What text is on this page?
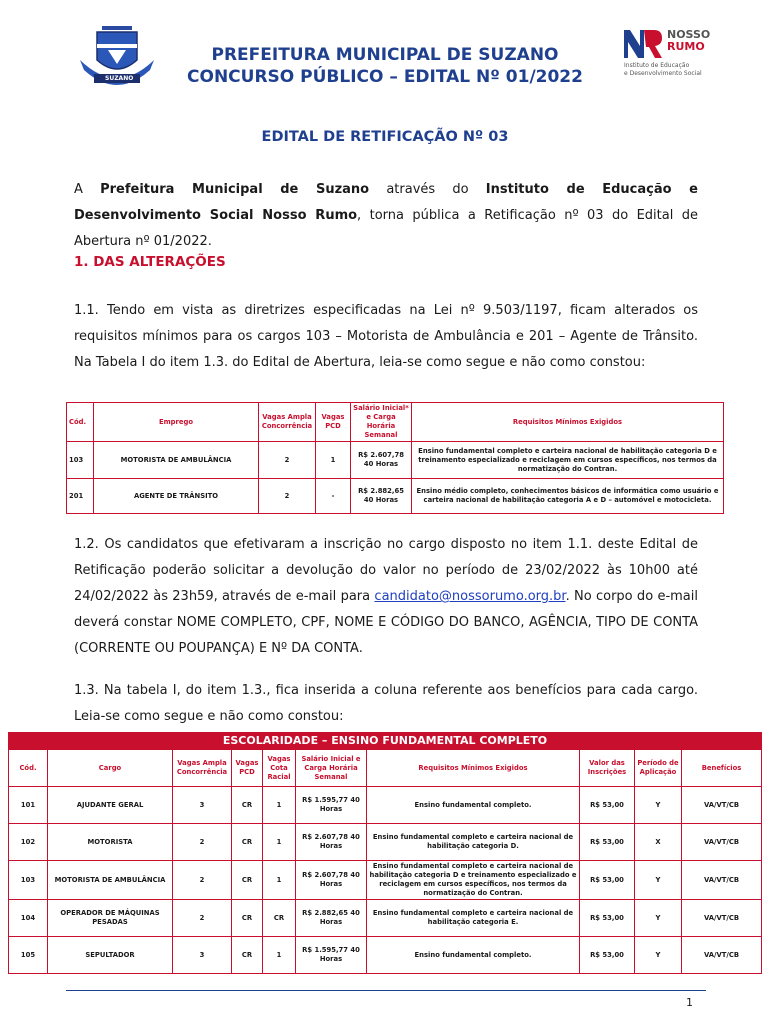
SUZANO
PREFEITURA MUNICIPAL DE SUZANO
CONCURSO PÚBLICO – EDITAL Nº 01/2022
NOSSO
RUMO
Instituto de Educação
e Desenvolvimento Social
EDITAL DE RETIFICAÇÃO Nº 03
A Prefeitura Municipal de Suzano através do Instituto de Educação e Desenvolvimento Social Nosso Rumo, torna pública a Retificação nº 03 do Edital de Abertura nº 01/2022.
1. DAS ALTERAÇÕES
1.1. Tendo em vista as diretrizes especificadas na Lei nº 9.503/1197, ficam alterados os requisitos mínimos para os cargos 103 – Motorista de Ambulância e 201 – Agente de Trânsito. Na Tabela I do item 1.3. do Edital de Abertura, leia-se como segue e não como constou:
Cód.	Emprego	Vagas Ampla Concorrência	Vagas PCD	Salário Inicial* e Carga Horária Semanal	Requisitos Mínimos Exigidos
103	MOTORISTA DE AMBULÂNCIA	2	1	R$ 2.607,78 40 Horas	Ensino fundamental completo e carteira nacional de habilitação categoria D e treinamento especializado e reciclagem em cursos específicos, nos termos da normatização do Contran.
201	AGENTE DE TRÂNSITO	2	-	R$ 2.882,65 40 Horas	Ensino médio completo, conhecimentos básicos de informática como usuário e carteira nacional de habilitação categoria A e D – automóvel e motocicleta.
1.2. Os candidatos que efetivaram a inscrição no cargo disposto no item 1.1. deste Edital de Retificação poderão solicitar a devolução do valor no período de 23/02/2022 às 10h00 até 24/02/2022 às 23h59, através de e-mail para candidato@nossorumo.org.br. No corpo do e-mail deverá constar NOME COMPLETO, CPF, NOME E CÓDIGO DO BANCO, AGÊNCIA, TIPO DE CONTA (CORRENTE OU POUPANÇA) E Nº DA CONTA.
1.3. Na tabela I, do item 1.3., fica inserida a coluna referente aos benefícios para cada cargo. Leia-se como segue e não como constou:
ESCOLARIDADE – ENSINO FUNDAMENTAL COMPLETO
Cód.	Cargo	Vagas Ampla Concorrência	Vagas PCD	Vagas Cota Racial	Salário Inicial e Carga Horária Semanal	Requisitos Mínimos Exigidos	Valor das Inscrições	Período de Aplicação	Benefícios
101	AJUDANTE GERAL	3	CR	1	R$ 1.595,77 40 Horas	Ensino fundamental completo.	R$ 53,00	Y	VA/VT/CB
102	MOTORISTA	2	CR	1	R$ 2.607,78 40 Horas	Ensino fundamental completo e carteira nacional de habilitação categoria D.	R$ 53,00	X	VA/VT/CB
103	MOTORISTA DE AMBULÂNCIA	2	CR	1	R$ 2.607,78 40 Horas	Ensino fundamental completo e carteira nacional de habilitação categoria D e treinamento especializado e reciclagem em cursos específicos, nos termos da normatização do Contran.	R$ 53,00	Y	VA/VT/CB
104	OPERADOR DE MÁQUINAS PESADAS	2	CR	CR	R$ 2.882,65 40 Horas	Ensino fundamental completo e carteira nacional de habilitação categoria E.	R$ 53,00	Y	VA/VT/CB
105	SEPULTADOR	3	CR	1	R$ 1.595,77 40 Horas	Ensino fundamental completo.	R$ 53,00	Y	VA/VT/CB
1
